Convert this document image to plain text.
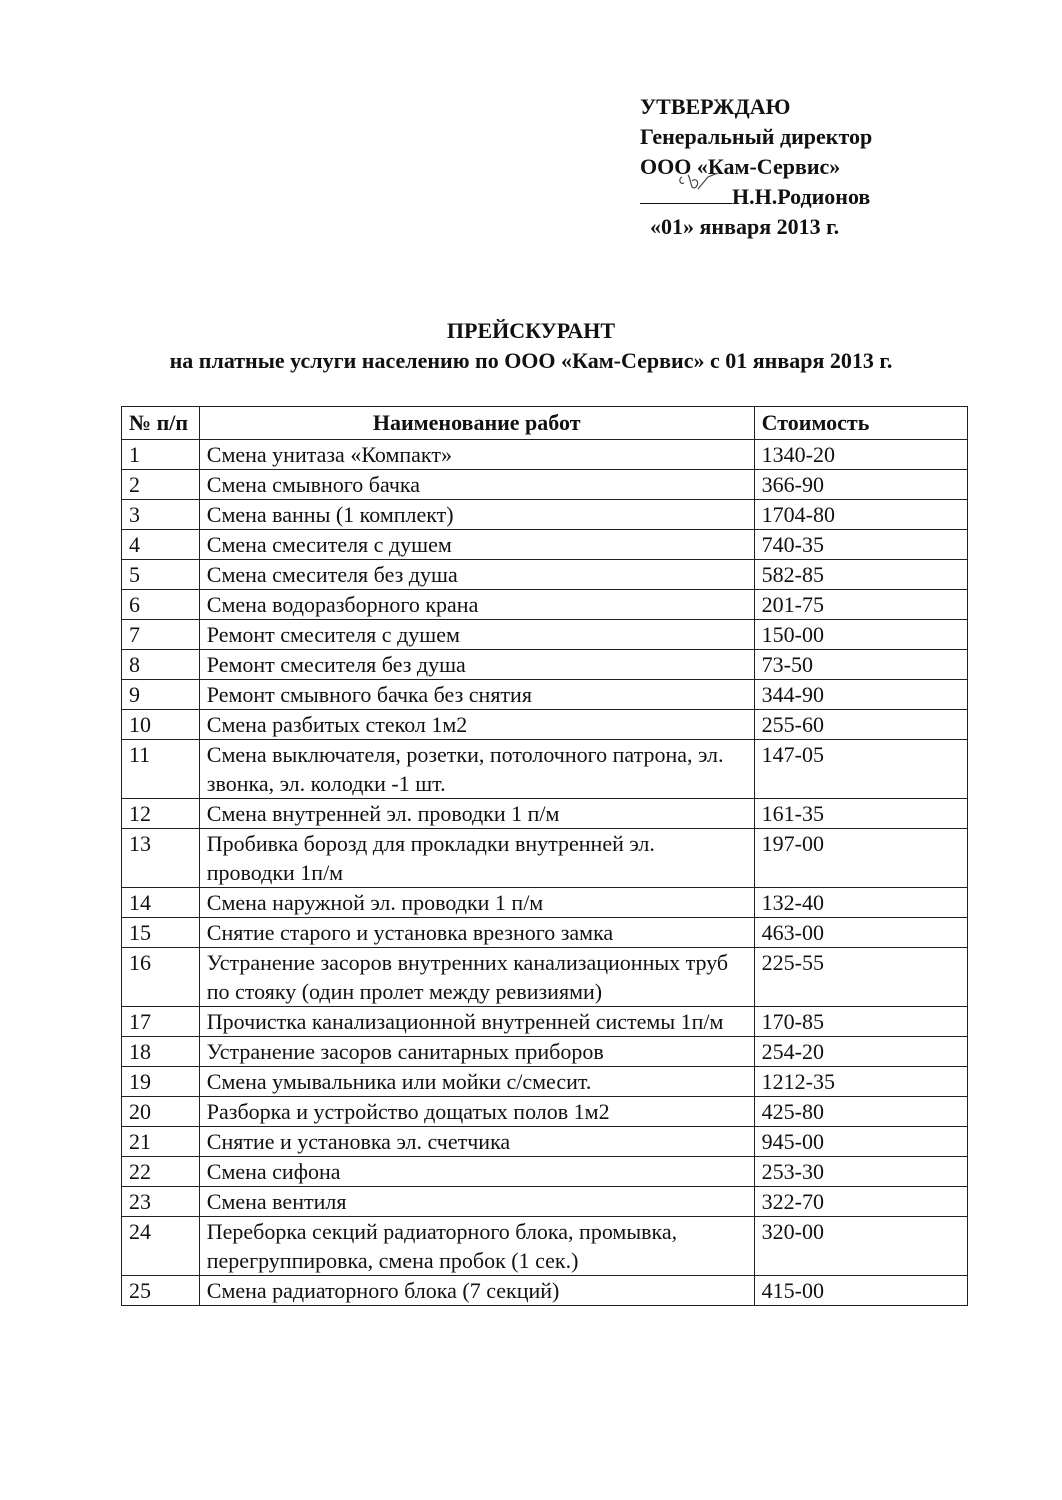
УТВЕРЖДАЮ
Генеральный директор
ООО «Кам-Сервис»
Н.Н.Родионов
«01» января 2013 г.
ПРЕЙСКУРАНТ
на платные услуги населению по ООО «Кам-Сервис» с 01 января 2013 г.
№ п/п	Наименование работ	Стоимость
1	Смена унитаза «Компакт»	1340-20
2	Смена смывного бачка	366-90
3	Смена ванны (1 комплект)	1704-80
4	Смена смесителя с душем	740-35
5	Смена смесителя без душа	582-85
6	Смена водоразборного крана	201-75
7	Ремонт смесителя с душем	150-00
8	Ремонт смесителя без душа	73-50
9	Ремонт смывного бачка без снятия	344-90
10	Смена разбитых стекол 1м2	255-60
11	Смена выключателя, розетки, потолочного патрона, эл. звонка, эл. колодки -1 шт.	147-05
12	Смена внутренней эл. проводки 1 п/м	161-35
13	Пробивка борозд для прокладки внутренней эл. проводки 1п/м	197-00
14	Смена наружной эл. проводки 1 п/м	132-40
15	Снятие старого и установка врезного замка	463-00
16	Устранение засоров внутренних канализационных труб по стояку (один пролет между ревизиями)	225-55
17	Прочистка канализационной внутренней системы 1п/м	170-85
18	Устранение засоров санитарных приборов	254-20
19	Смена умывальника или мойки с/смесит.	1212-35
20	Разборка и устройство дощатых полов 1м2	425-80
21	Снятие и установка эл. счетчика	945-00
22	Смена сифона	253-30
23	Смена вентиля	322-70
24	Переборка секций радиаторного блока, промывка, перегруппировка, смена пробок (1 сек.)	320-00
25	Смена радиаторного блока (7 секций)	415-00
